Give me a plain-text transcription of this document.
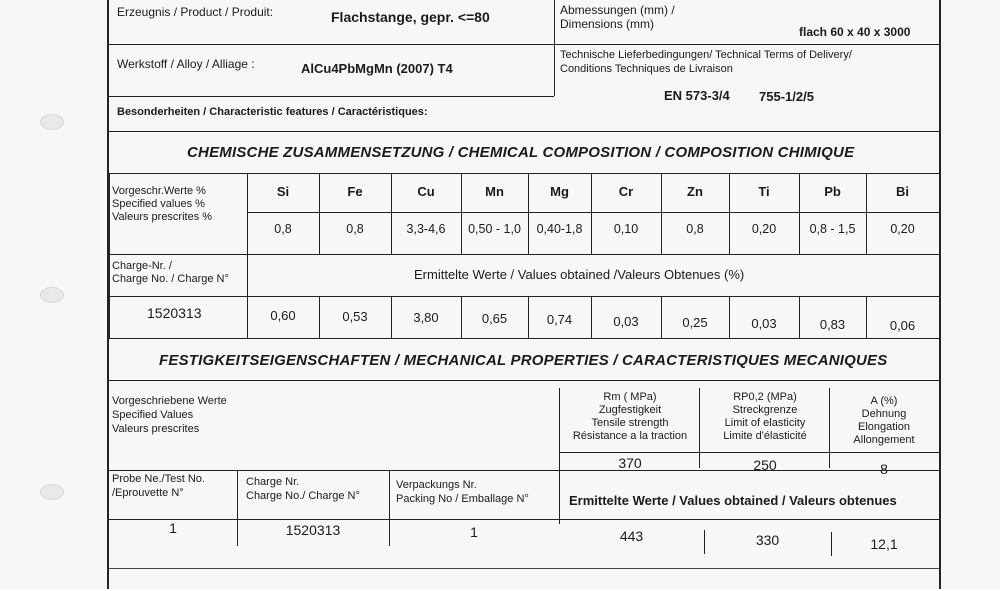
Erzeugnis / Product / Produit:	Flachstange, gepr. <=80	Abmessungen (mm) /
Dimensions (mm)
flach 60 x 40 x 3000
Werkstoff / Alloy / Alliage :	AlCu4PbMgMn (2007) T4
Technische Lieferbedingungen/ Technical Terms of Delivery/
Conditions Techniques de Livraison
EN 573-3/4 755-1/2/5
Besonderheiten / Characteristic features / Caractéristiques:
CHEMISCHE ZUSAMMENSETZUNG / CHEMICAL COMPOSITION / COMPOSITION CHIMIQUE
Vorgeschr.Werte %
Specified values %
Valeurs prescrites %
Si
0,8
0,60
Fe
0,8
0,53
Cu
3,3-4,6
3,80
Mn
0,50 - 1,0
0,65
Mg
0,40-1,8
0,74
Cr
0,10
0,03
Zn
0,8
0,25
Ti
0,20
0,03
Pb
0,8 - 1,5
0,83
Bi
0,20
0,06
Charge-Nr. /
Charge No. / Charge N°	Ermittelte Werte / Values obtained /Valeurs Obtenues (%)
1520313
FESTIGKEITSEIGENSCHAFTEN / MECHANICAL PROPERTIES / CARACTERISTIQUES MECANIQUES
Vorgeschriebene Werte
Specified Values
Valeurs prescrites
Rm ( MPa)
Zugfestigkeit
Tensile strength
Résistance a la traction
RP0,2 (MPa)
Streckgrenze
Limit of elasticity
Limite d'élasticité
A (%)
Dehnung
Elongation
Allongement
370	250	8
Probe Ne./Test No.
/Eprouvette N°
Charge Nr.
Charge No./ Charge N°
Verpackungs Nr.
Packing No / Emballage N°	Ermittelte Werte / Values obtained / Valeurs obtenues
1	1520313	1	443	330	12,1
